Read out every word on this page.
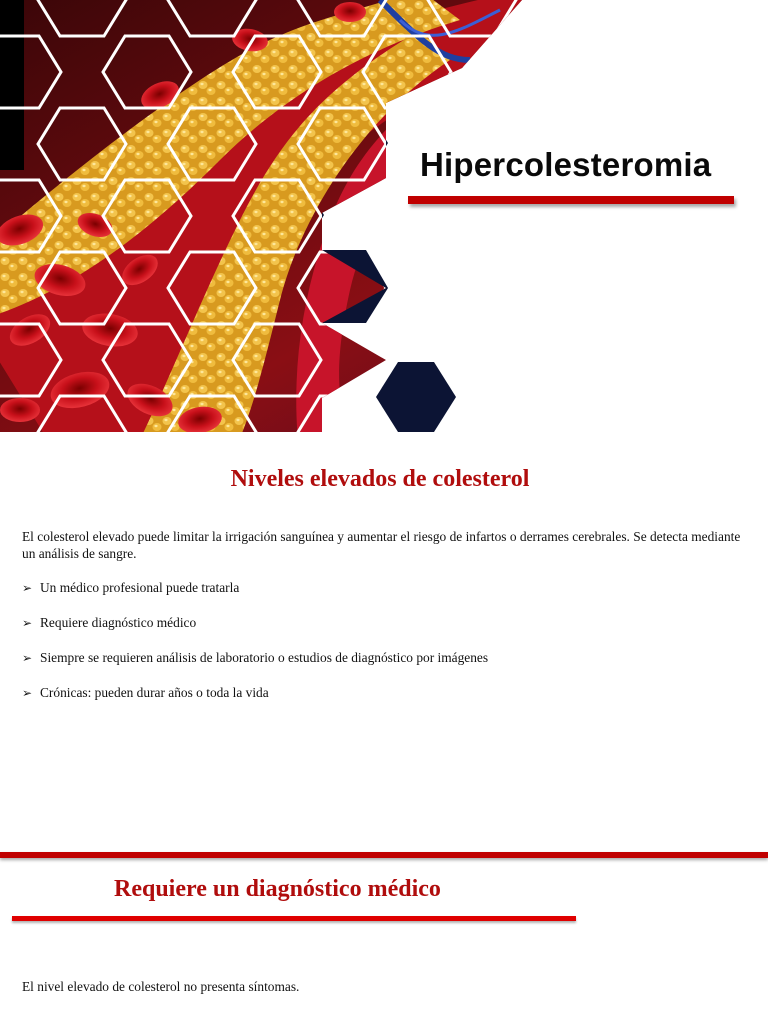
Hipercolesteromia
Niveles elevados de colesterol

El colesterol elevado puede limitar la irrigación sanguínea y aumentar el riesgo de infartos o derrames cerebrales. Se detecta mediante un análisis de sangre.

➢ Un médico profesional puede tratarla
➢ Requiere diagnóstico médico
➢ Siempre se requieren análisis de laboratorio o estudios de diagnóstico por imágenes
➢ Crónicas: pueden durar años o toda la vida
Requiere un diagnóstico médico

El nivel elevado de colesterol no presenta síntomas.
